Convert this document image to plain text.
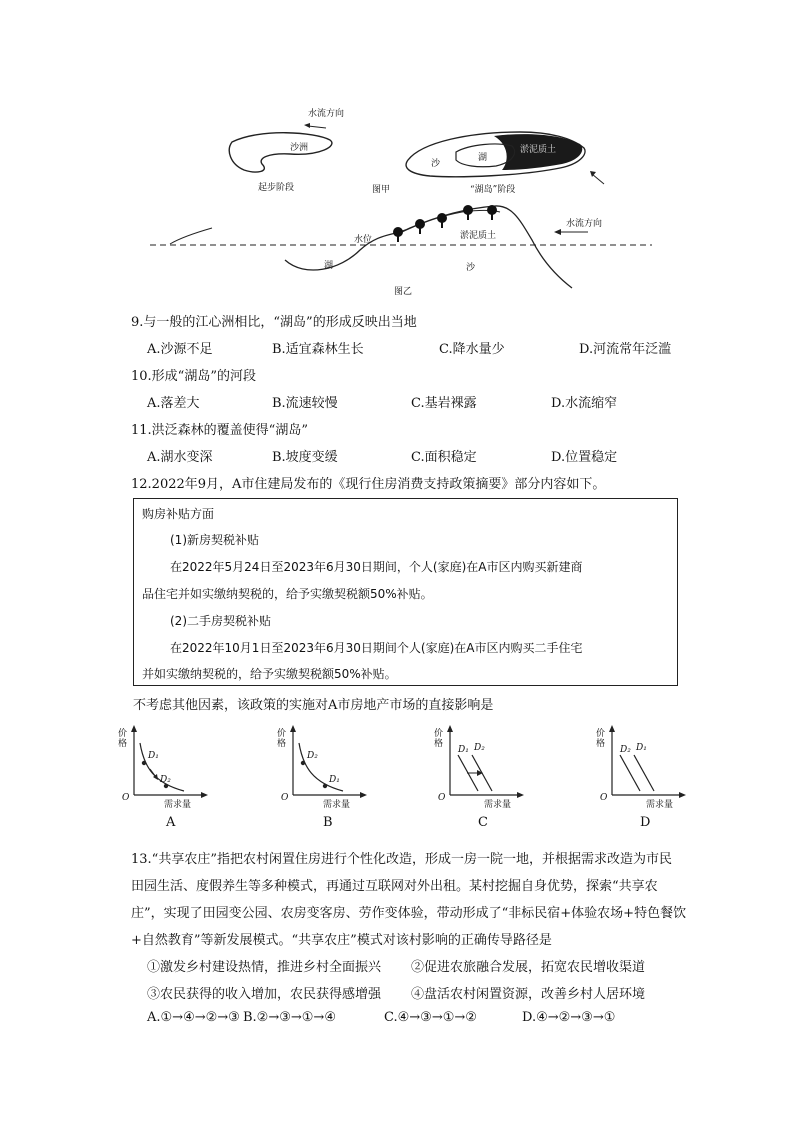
水流方向
沙洲
起步阶段
沙
湖
淤泥质土
“湖岛”阶段
图甲
水位	淤泥质土
水流方向
湖	沙
图乙
9.与一般的江心洲相比，“湖岛”的形成反映出当地
A.沙源不足	B.适宜森林生长	C.降水量少	D.河流常年泛滥
10.形成“湖岛”的河段
A.落差大	B.流速较慢	C.基岩裸露	D.水流缩窄
11.洪泛森林的覆盖使得“湖岛”
A.湖水变深	B.坡度变缓	C.面积稳定	D.位置稳定
12.2022年9月，A市住建局发布的《现行住房消费支持政策摘要》部分内容如下。
购房补贴方面
(1)新房契税补贴
在2022年5月24日至2023年6月30日期间，个人(家庭)在A市区内购买新建商
品住宅并如实缴纳契税的，给予实缴契税额50%补贴。
(2)二手房契税补贴
在2022年10月1日至2023年6月30日期间个人(家庭)在A市区内购买二手住宅
并如实缴纳契税的，给予实缴契税额50%补贴。
不考虑其他因素，该政策的实施对A市房地产市场的直接影响是
价格
D₁
D₂
O
需求量
A
价格
D₂
D₁
O
需求量
B
价格
D₁ D₂
O
需求量
C
价格
D₂ D₁
O
需求量
D
13.“共享农庄”指把农村闲置住房进行个性化改造，形成一房一院一地，并根据需求改造为市民
田园生活、度假养生等多种模式，再通过互联网对外出租。某村挖掘自身优势，探索“共享农
庄”，实现了田园变公园、农房变客房、劳作变体验，带动形成了“非标民宿+体验农场+特色餐饮
+自然教育”等新发展模式。“共享农庄”模式对该村影响的正确传导路径是
①激发乡村建设热情，推进乡村全面振兴 ②促进农旅融合发展，拓宽农民增收渠道
③农民获得的收入增加，农民获得感增强 ④盘活农村闲置资源，改善乡村人居环境
A.①→④→②→③ B.②→③→①→④	C.④→③→①→②	D.④→②→③→①
